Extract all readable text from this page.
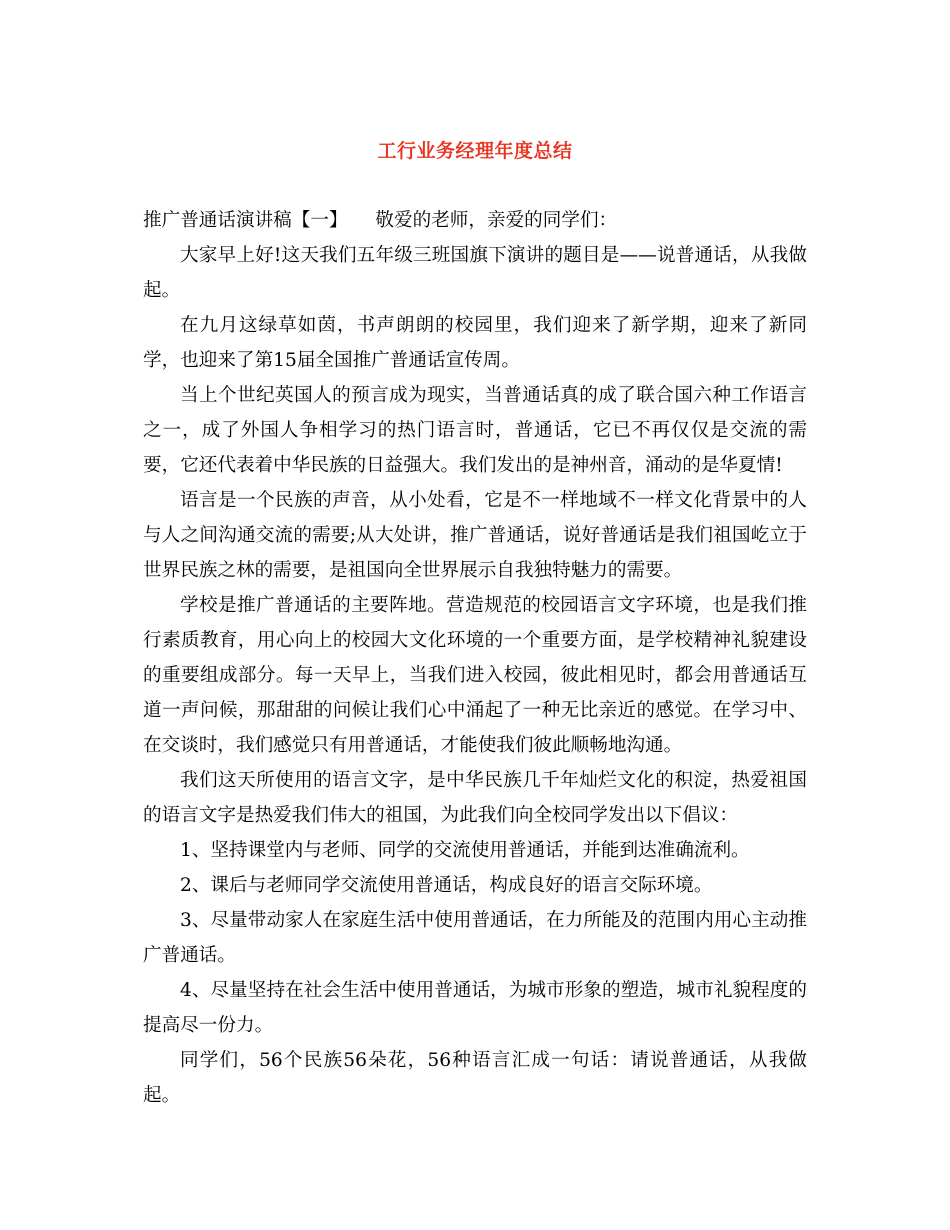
工行业务经理年度总结

推广普通话演讲稿【一】　　敬爱的老师，亲爱的同学们：

大家早上好!这天我们五年级三班国旗下演讲的题目是——说普通话，从我做起。

在九月这绿草如茵，书声朗朗的校园里，我们迎来了新学期，迎来了新同学，也迎来了第15届全国推广普通话宣传周。

当上个世纪英国人的预言成为现实，当普通话真的成了联合国六种工作语言之一，成了外国人争相学习的热门语言时，普通话，它已不再仅仅是交流的需要，它还代表着中华民族的日益强大。我们发出的是神州音，涌动的是华夏情!

语言是一个民族的声音，从小处看，它是不一样地域不一样文化背景中的人与人之间沟通交流的需要;从大处讲，推广普通话，说好普通话是我们祖国屹立于世界民族之林的需要，是祖国向全世界展示自我独特魅力的需要。

学校是推广普通话的主要阵地。营造规范的校园语言文字环境，也是我们推行素质教育，用心向上的校园大文化环境的一个重要方面，是学校精神礼貌建设的重要组成部分。每一天早上，当我们进入校园，彼此相见时，都会用普通话互道一声问候，那甜甜的问候让我们心中涌起了一种无比亲近的感觉。在学习中、在交谈时，我们感觉只有用普通话，才能使我们彼此顺畅地沟通。

我们这天所使用的语言文字，是中华民族几千年灿烂文化的积淀，热爱祖国的语言文字是热爱我们伟大的祖国，为此我们向全校同学发出以下倡议：

1、坚持课堂内与老师、同学的交流使用普通话，并能到达准确流利。

2、课后与老师同学交流使用普通话，构成良好的语言交际环境。

3、尽量带动家人在家庭生活中使用普通话，在力所能及的范围内用心主动推广普通话。

4、尽量坚持在社会生活中使用普通话，为城市形象的塑造，城市礼貌程度的提高尽一份力。

同学们，56个民族56朵花，56种语言汇成一句话：请说普通话，从我做起。
